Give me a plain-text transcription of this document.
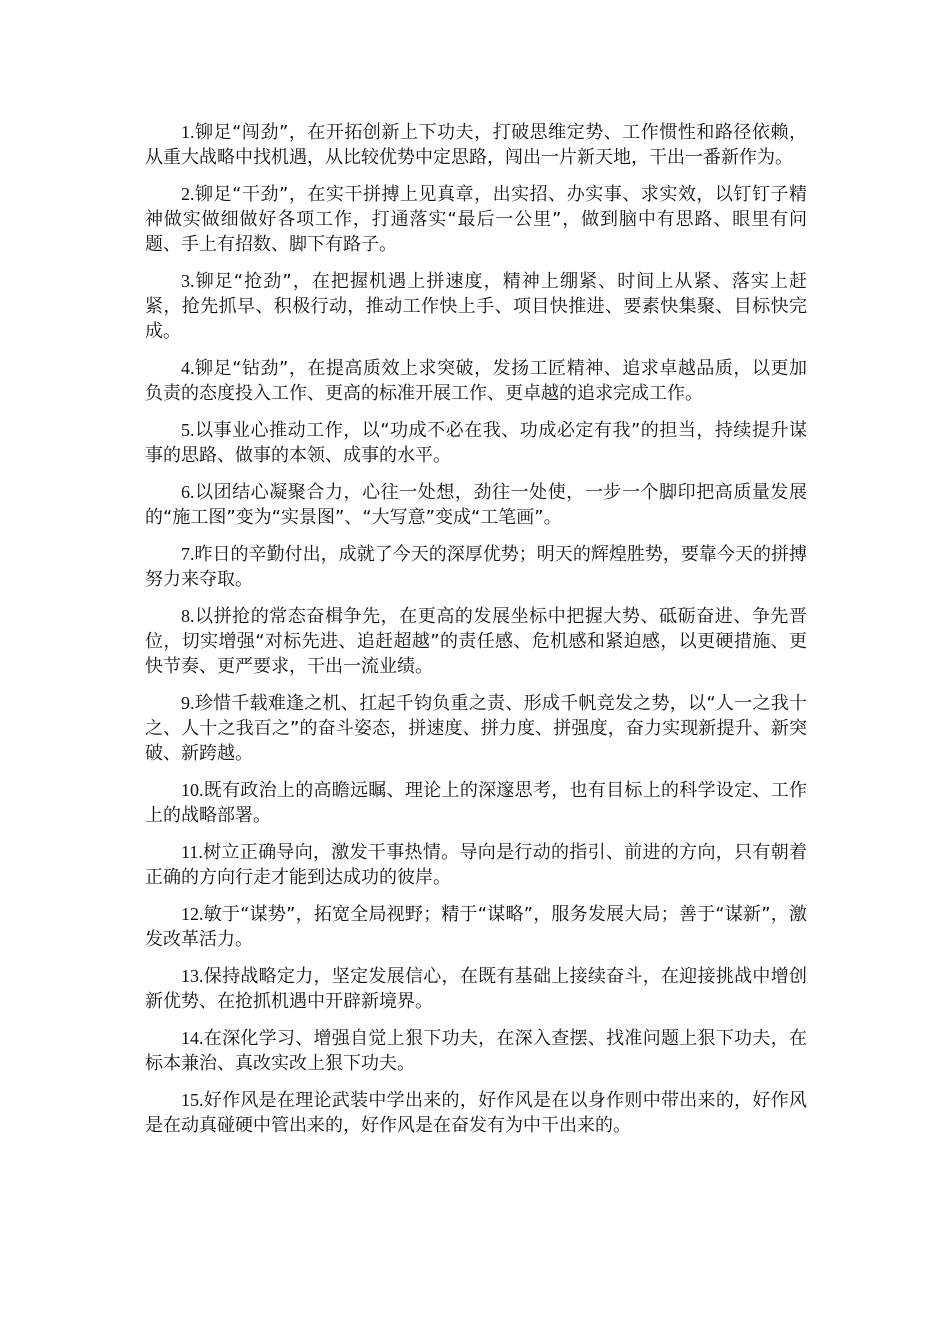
1.铆足“闯劲”，在开拓创新上下功夫，打破思维定势、工作惯性和路径依赖，从重大战略中找机遇，从比较优势中定思路，闯出一片新天地，干出一番新作为。

2.铆足“干劲”，在实干拼搏上见真章，出实招、办实事、求实效，以钉钉子精神做实做细做好各项工作，打通落实“最后一公里”，做到脑中有思路、眼里有问题、手上有招数、脚下有路子。

3.铆足“抢劲”，在把握机遇上拼速度，精神上绷紧、时间上从紧、落实上赶紧，抢先抓早、积极行动，推动工作快上手、项目快推进、要素快集聚、目标快完成。

4.铆足“钻劲”，在提高质效上求突破，发扬工匠精神、追求卓越品质，以更加负责的态度投入工作、更高的标准开展工作、更卓越的追求完成工作。

5.以事业心推动工作，以“功成不必在我、功成必定有我”的担当，持续提升谋事的思路、做事的本领、成事的水平。

6.以团结心凝聚合力，心往一处想，劲往一处使，一步一个脚印把高质量发展的“施工图”变为“实景图”、“大写意”变成“工笔画”。

7.昨日的辛勤付出，成就了今天的深厚优势；明天的辉煌胜势，要靠今天的拼搏努力来夺取。

8.以拼抢的常态奋楫争先，在更高的发展坐标中把握大势、砥砺奋进、争先晋位，切实增强“对标先进、追赶超越”的责任感、危机感和紧迫感，以更硬措施、更快节奏、更严要求，干出一流业绩。

9.珍惜千载难逢之机、扛起千钧负重之责、形成千帆竞发之势，以“人一之我十之、人十之我百之”的奋斗姿态，拼速度、拼力度、拼强度，奋力实现新提升、新突破、新跨越。

10.既有政治上的高瞻远瞩、理论上的深邃思考，也有目标上的科学设定、工作上的战略部署。

11.树立正确导向，激发干事热情。导向是行动的指引、前进的方向，只有朝着正确的方向行走才能到达成功的彼岸。

12.敏于“谋势”，拓宽全局视野；精于“谋略”，服务发展大局；善于“谋新”，激发改革活力。

13.保持战略定力，坚定发展信心，在既有基础上接续奋斗，在迎接挑战中增创新优势、在抢抓机遇中开辟新境界。

14.在深化学习、增强自觉上狠下功夫，在深入查摆、找准问题上狠下功夫，在标本兼治、真改实改上狠下功夫。

15.好作风是在理论武装中学出来的，好作风是在以身作则中带出来的，好作风是在动真碰硬中管出来的，好作风是在奋发有为中干出来的。
